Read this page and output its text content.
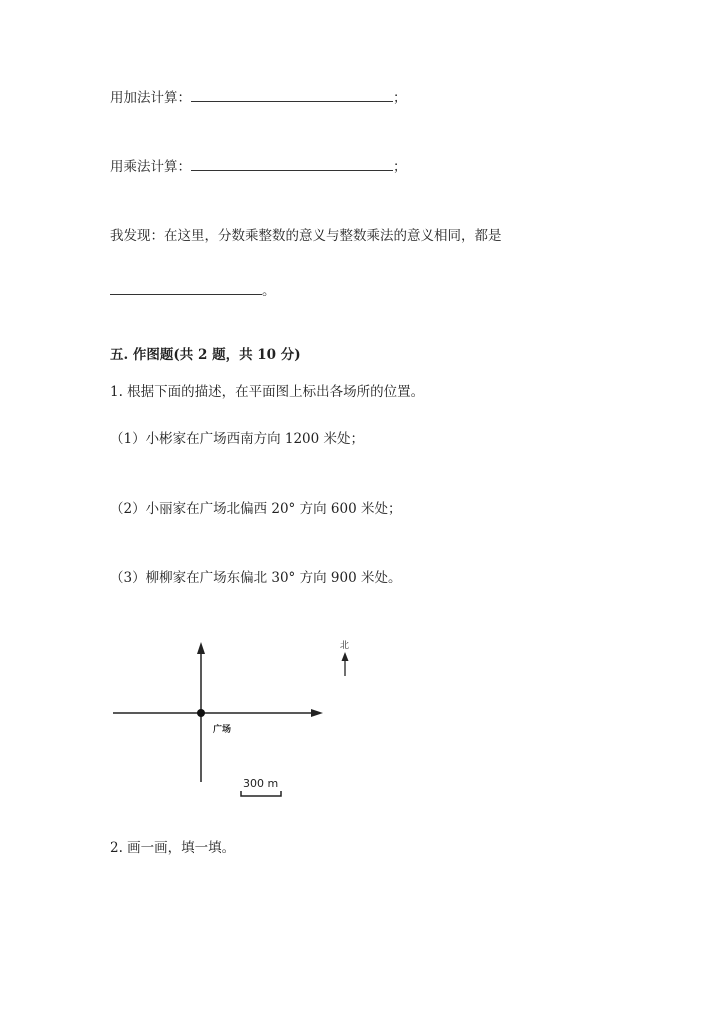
用加法计算：	；
用乘法计算：	；
我发现：在这里，分数乘整数的意义与整数乘法的意义相同，都是
。
五. 作图题(共 2 题，共 10 分)
1. 根据下面的描述，在平面图上标出各场所的位置。
（1）小彬家在广场西南方向 1200 米处；
（2）小丽家在广场北偏西 20° 方向 600 米处；
（3）柳柳家在广场东偏北 30° 方向 900 米处。
广场
北
300 m
2. 画一画，填一填。
